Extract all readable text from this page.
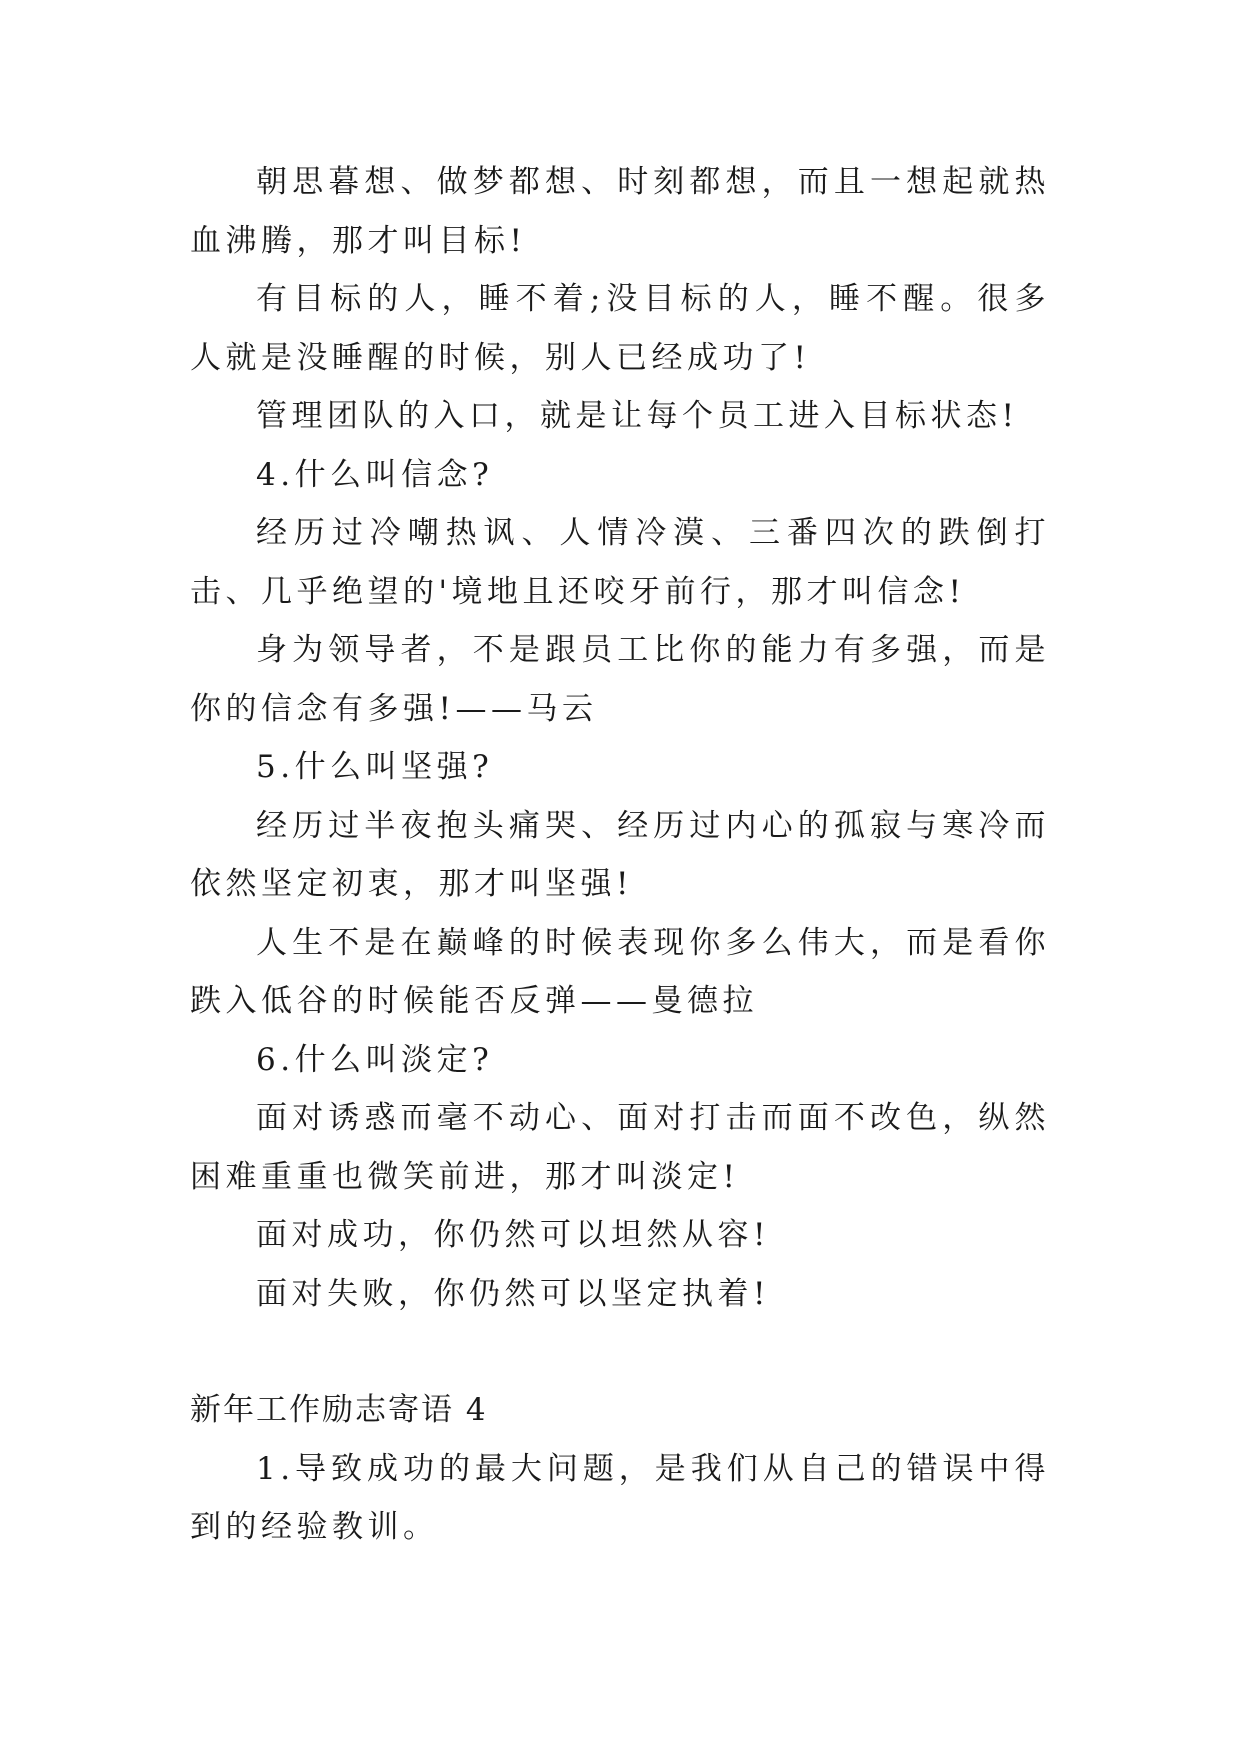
朝思暮想、做梦都想、时刻都想，而且一想起就热血沸腾，那才叫目标!

有目标的人，睡不着;没目标的人，睡不醒。很多人就是没睡醒的时候，别人已经成功了!

管理团队的入口，就是让每个员工进入目标状态!

4.什么叫信念?

经历过冷嘲热讽、人情冷漠、三番四次的跌倒打击、几乎绝望的'境地且还咬牙前行，那才叫信念!

身为领导者，不是跟员工比你的能力有多强，而是你的信念有多强!——马云

5.什么叫坚强?

经历过半夜抱头痛哭、经历过内心的孤寂与寒冷而依然坚定初衷，那才叫坚强!

人生不是在巅峰的时候表现你多么伟大，而是看你跌入低谷的时候能否反弹——曼德拉

6.什么叫淡定?

面对诱惑而毫不动心、面对打击而面不改色，纵然困难重重也微笑前进，那才叫淡定!

面对成功，你仍然可以坦然从容!

面对失败，你仍然可以坚定执着!

新年工作励志寄语 4

1.导致成功的最大问题，是我们从自己的错误中得到的经验教训。
